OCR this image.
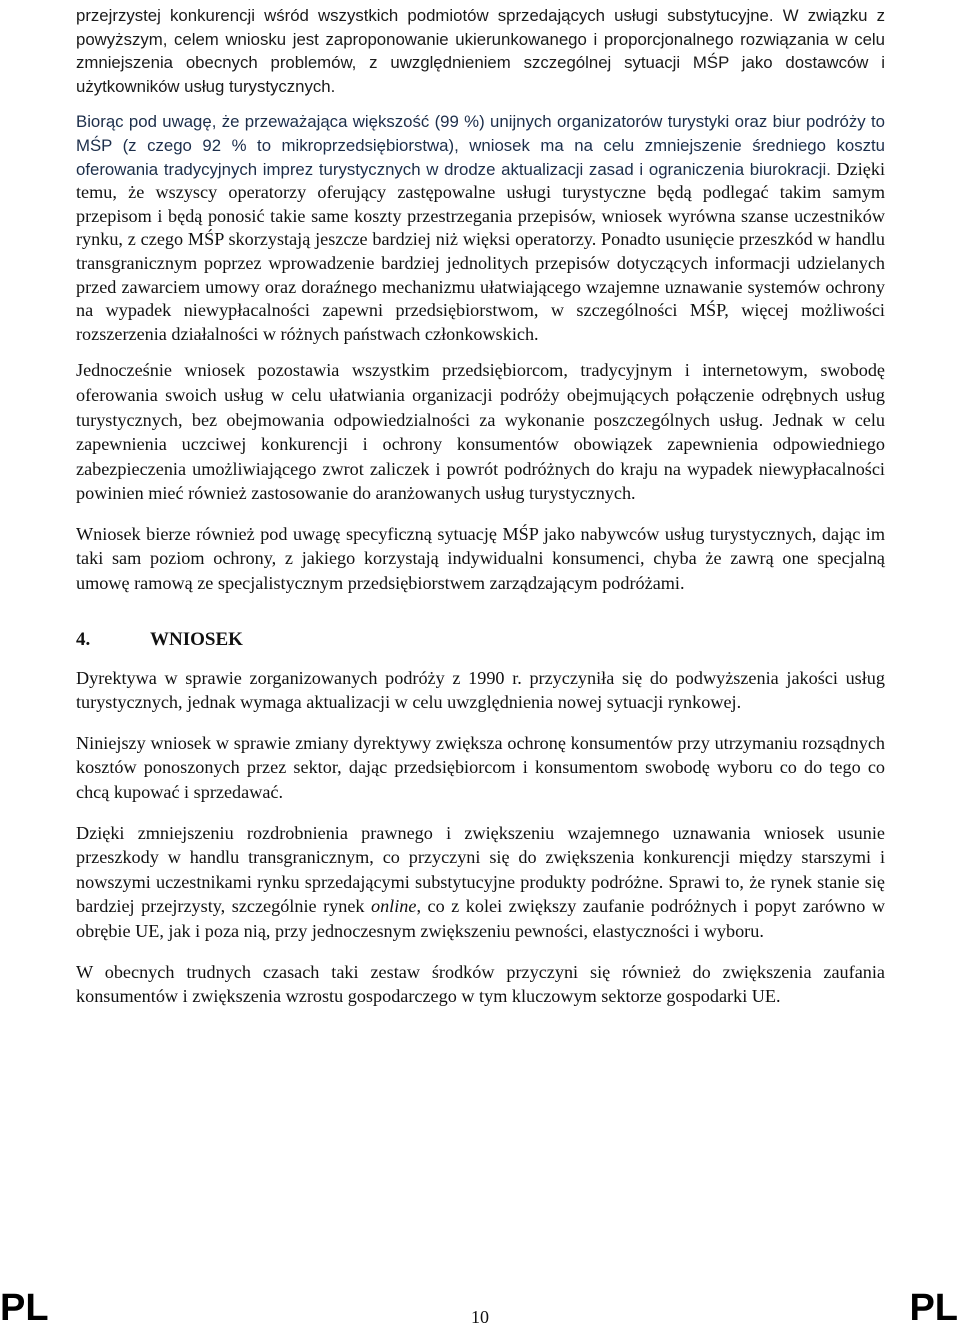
przejrzystej konkurencji wśród wszystkich podmiotów sprzedających usługi substytucyjne. W związku z powyższym, celem wniosku jest zaproponowanie ukierunkowanego i proporcjonalnego rozwiązania w celu zmniejszenia obecnych problemów, z uwzględnieniem szczególnej sytuacji MŚP jako dostawców i użytkowników usług turystycznych.

Biorąc pod uwagę, że przeważająca większość (99 %) unijnych organizatorów turystyki oraz biur podróży to MŚP (z czego 92 % to mikroprzedsiębiorstwa), wniosek ma na celu zmniejszenie średniego kosztu oferowania tradycyjnych imprez turystycznych w drodze aktualizacji zasad i ograniczenia biurokracji. Dzięki temu, że wszyscy operatorzy oferujący zastępowalne usługi turystyczne będą podlegać takim samym przepisom i będą ponosić takie same koszty przestrzegania przepisów, wniosek wyrówna szanse uczestników rynku, z czego MŚP skorzystają jeszcze bardziej niż więksi operatorzy. Ponadto usunięcie przeszkód w handlu transgranicznym poprzez wprowadzenie bardziej jednolitych przepisów dotyczących informacji udzielanych przed zawarciem umowy oraz doraźnego mechanizmu ułatwiającego wzajemne uznawanie systemów ochrony na wypadek niewypłacalności zapewni przedsiębiorstwom, w szczególności MŚP, więcej możliwości rozszerzenia działalności w różnych państwach członkowskich.

Jednocześnie wniosek pozostawia wszystkim przedsiębiorcom, tradycyjnym i internetowym, swobodę oferowania swoich usług w celu ułatwiania organizacji podróży obejmujących połączenie odrębnych usług turystycznych, bez obejmowania odpowiedzialności za wykonanie poszczególnych usług. Jednak w celu zapewnienia uczciwej konkurencji i ochrony konsumentów obowiązek zapewnienia odpowiedniego zabezpieczenia umożliwiającego zwrot zaliczek i powrót podróżnych do kraju na wypadek niewypłacalności powinien mieć również zastosowanie do aranżowanych usług turystycznych.

Wniosek bierze również pod uwagę specyficzną sytuację MŚP jako nabywców usług turystycznych, dając im taki sam poziom ochrony, z jakiego korzystają indywidualni konsumenci, chyba że zawrą one specjalną umowę ramową ze specjalistycznym przedsiębiorstwem zarządzającym podróżami.

4.	WNIOSEK

Dyrektywa w sprawie zorganizowanych podróży z 1990 r. przyczyniła się do podwyższenia jakości usług turystycznych, jednak wymaga aktualizacji w celu uwzględnienia nowej sytuacji rynkowej.

Niniejszy wniosek w sprawie zmiany dyrektywy zwiększa ochronę konsumentów przy utrzymaniu rozsądnych kosztów ponoszonych przez sektor, dając przedsiębiorcom i konsumentom swobodę wyboru co do tego co chcą kupować i sprzedawać.

Dzięki zmniejszeniu rozdrobnienia prawnego i zwiększeniu wzajemnego uznawania wniosek usunie przeszkody w handlu transgranicznym, co przyczyni się do zwiększenia konkurencji między starszymi i nowszymi uczestnikami rynku sprzedającymi substytucyjne produkty podróżne. Sprawi to, że rynek stanie się bardziej przejrzysty, szczególnie rynek online, co z kolei zwiększy zaufanie podróżnych i popyt zarówno w obrębie UE, jak i poza nią, przy jednoczesnym zwiększeniu pewności, elastyczności i wyboru.

W obecnych trudnych czasach taki zestaw środków przyczyni się również do zwiększenia zaufania konsumentów i zwiększenia wzrostu gospodarczego w tym kluczowym sektorze gospodarki UE.

PL	10	PL
